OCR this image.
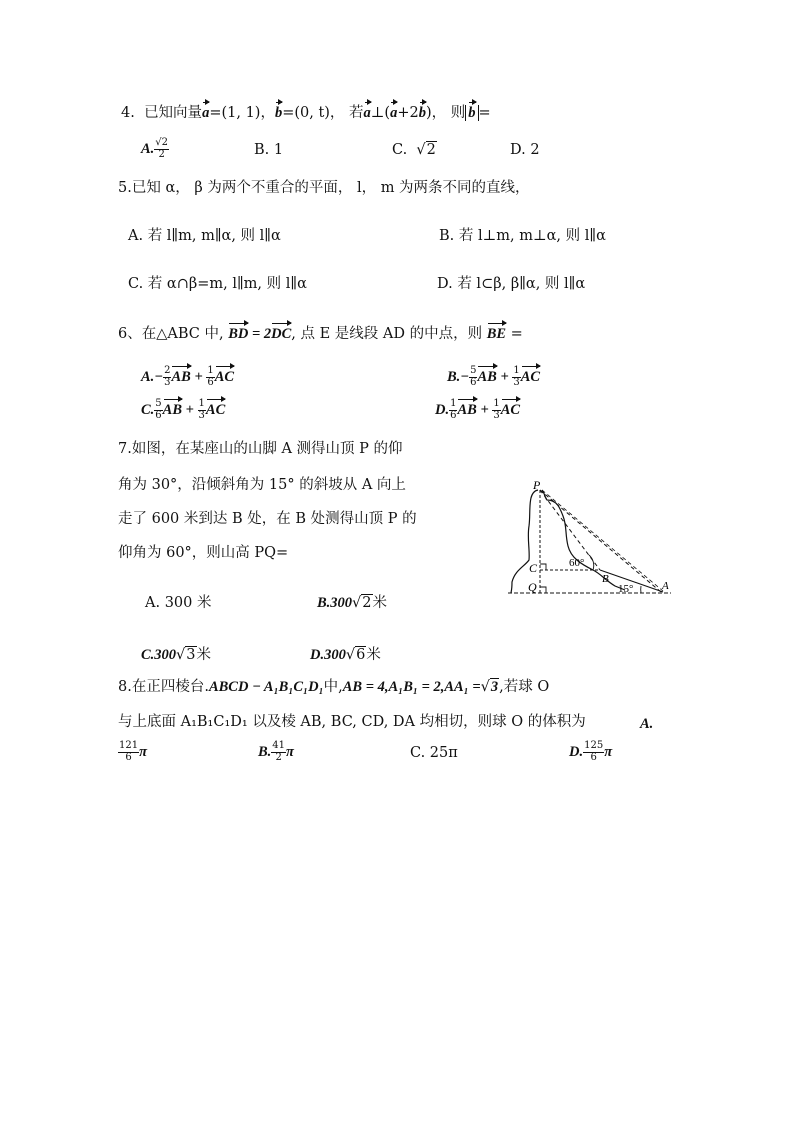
4. 已知向量a=(1, 1)，b=(0, t)， 若a⊥(a+2b)， 则 b =
A. $\frac{√2}{2}$	B. 1	C. √2	D. 2
5.已知 α， β 为两个不重合的平面， l， m 为两条不同的直线，
A. 若 l∥m, m∥α, 则 l∥α	B. 若 l⊥m, m⊥α, 则 l∥α
C. 若 α∩β=m, l∥m, 则 l∥α	D. 若 l⊂β, β∥α, 则 l∥α
6、在△ABC 中, BD = 2DC, 点 E 是线段 AD 的中点，则 BE =
$A.- \frac{2}{3}$ AB + $\frac{1}{6}$ AC	$B.- \frac{5}{6}$ AB + $\frac{1}{3}$ AC
C. $\frac{5}{6}$ AB + $\frac{1}{3}$ AC	D. $\frac{1}{6}$ AB + $\frac{1}{3}$ AC
7.如图，在某座山的山脚 A 测得山顶 P 的仰
角为 30°，沿倾斜角为 15° 的斜坡从 A 向上
走了 600 米到达 B 处，在 B 处测得山顶 P 的
仰角为 60°，则山高 PQ=
P
C
Q
B
A
60°
15°
A. 300 米	B.300√2米
C.300√3米	D.300√6米
8.在正四棱台.ABCD − A₁B₁C₁D₁中,AB = 4,A₁B₁ = 2,AA₁ =√3,若球 O
与上底面 A₁B₁C₁D₁ 以及棱 AB, BC, CD, DA 均相切，则球 O 的体积为	A.
$\frac{121}{6}$ π	B. $\frac{41}{2}$ π	C. 25π	D. $\frac{125}{6}$ π
